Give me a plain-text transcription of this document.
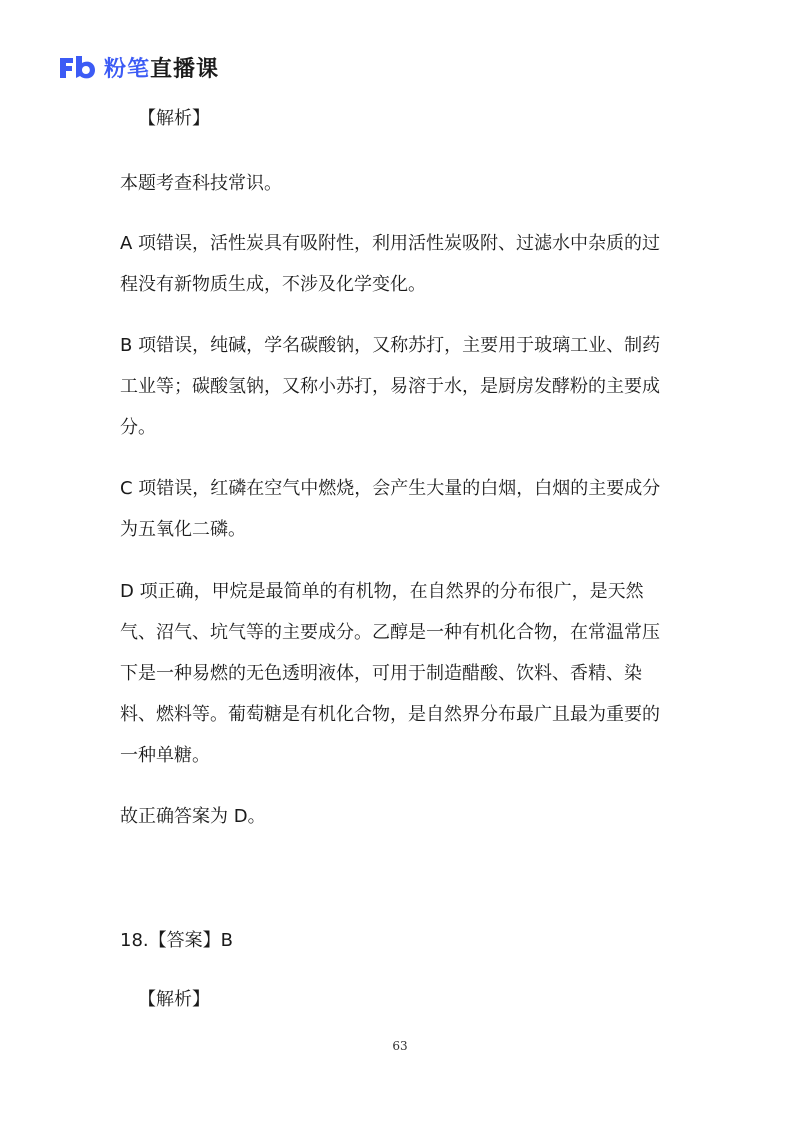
粉笔直播课
【解析】
本题考查科技常识。
A 项错误，活性炭具有吸附性，利用活性炭吸附、过滤水中杂质的过
程没有新物质生成，不涉及化学变化。
B 项错误，纯碱，学名碳酸钠，又称苏打，主要用于玻璃工业、制药
工业等；碳酸氢钠，又称小苏打，易溶于水，是厨房发酵粉的主要成
分。
C 项错误，红磷在空气中燃烧，会产生大量的白烟，白烟的主要成分
为五氧化二磷。
D 项正确，甲烷是最简单的有机物，在自然界的分布很广，是天然
气、沼气、坑气等的主要成分。乙醇是一种有机化合物，在常温常压
下是一种易燃的无色透明液体，可用于制造醋酸、饮料、香精、染
料、燃料等。葡萄糖是有机化合物，是自然界分布最广且最为重要的
一种单糖。
故正确答案为 D。
18.【答案】B
【解析】
63
